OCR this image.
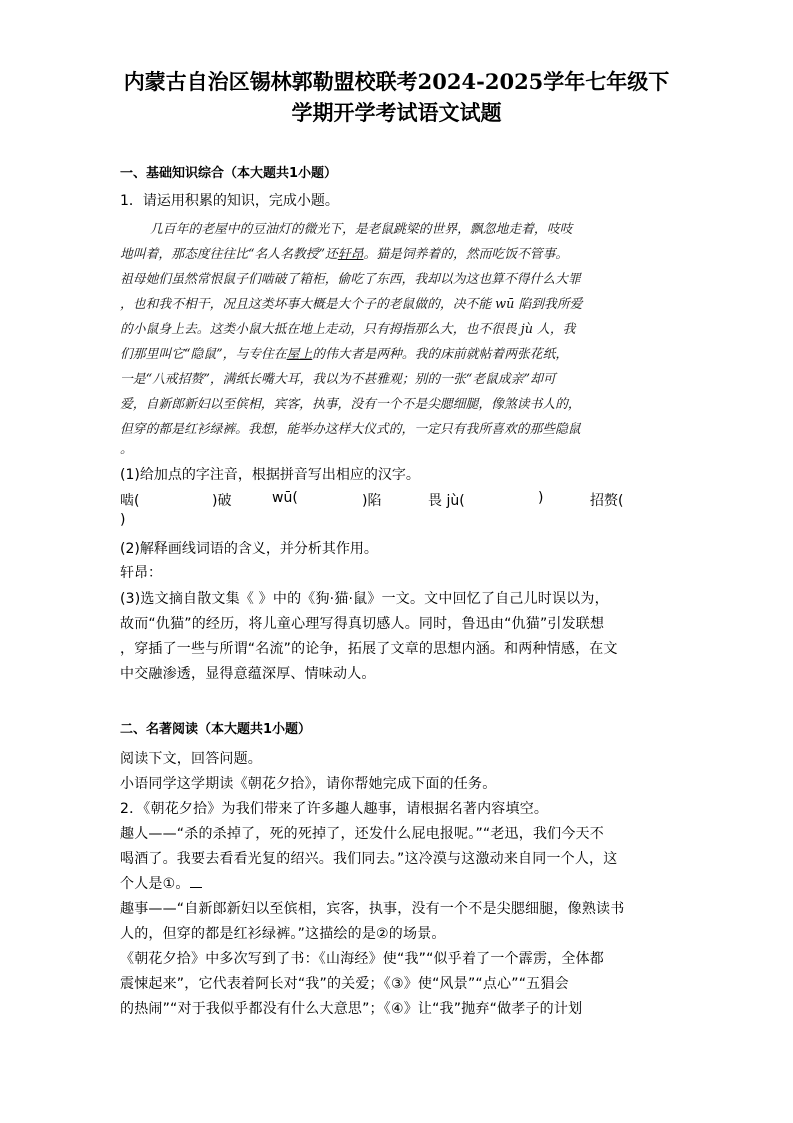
内蒙古自治区锡林郭勒盟校联考2024-2025学年七年级下
学期开学考试语文试题
一、基础知识综合（本大题共1小题）
1．请运用积累的知识，完成小题。
几百年的老屋中的豆油灯的微光下，是老鼠跳梁的世界，飘忽地走着，吱吱
地叫着，那态度往往比“名人名教授”还轩昂。猫是饲养着的，然而吃饭不管事。
祖母她们虽然常恨鼠子们啮破了箱柜，偷吃了东西，我却以为这也算不得什么大罪
，也和我不相干，况且这类坏事大概是大个子的老鼠做的，决不能 wū 陷到我所爱
的小鼠身上去。这类小鼠大抵在地上走动，只有拇指那么大，也不很畏 jù 人，我
们那里叫它“隐鼠”，与专住在屋上的伟大者是两种。我的床前就帖着两张花纸，
一是“八戒招赘”，满纸长嘴大耳，我以为不甚雅观；别的一张“老鼠成亲”却可
爱，自新郎新妇以至傧相，宾客，执事，没有一个不是尖腮细腿，像煞读书人的，
但穿的都是红衫绿裤。我想，能举办这样大仪式的，一定只有我所喜欢的那些隐鼠
。
(1)给加点的字注音，根据拼音写出相应的汉字。
啮(	)破	wū(	)陷	畏 jù(	)	招赘(
)
(2)解释画线词语的含义，并分析其作用。
轩昂：
(3)选文摘自散文集《 》中的《狗·猫·鼠》一文。文中回忆了自己儿时误以为，
故而“仇猫”的经历，将儿童心理写得真切感人。同时，鲁迅由“仇猫”引发联想
，穿插了一些与所谓“名流”的论争，拓展了文章的思想内涵。和两种情感，在文
中交融渗透，显得意蕴深厚、情味动人。
二、名著阅读（本大题共1小题）
阅读下文，回答问题。
小语同学这学期读《朝花夕拾》，请你帮她完成下面的任务。
2．《朝花夕拾》为我们带来了许多趣人趣事，请根据名著内容填空。
趣人——“杀的杀掉了，死的死掉了，还发什么屁电报呢。”“老迅，我们今天不
喝酒了。我要去看看光复的绍兴。我们同去。”这冷漠与这激动来自同一个人，这
个人是①。
趣事——“自新郎新妇以至傧相，宾客，执事，没有一个不是尖腮细腿，像熟读书
人的，但穿的都是红衫绿裤。”这描绘的是②的场景。
《朝花夕拾》中多次写到了书：《山海经》使“我”“似乎着了一个霹雳，全体都
震悚起来”，它代表着阿长对“我”的关爱；《③》使“风景”“点心”“五猖会
的热闹”“对于我似乎都没有什么大意思”；《④》让“我”抛弃“做孝子的计划
